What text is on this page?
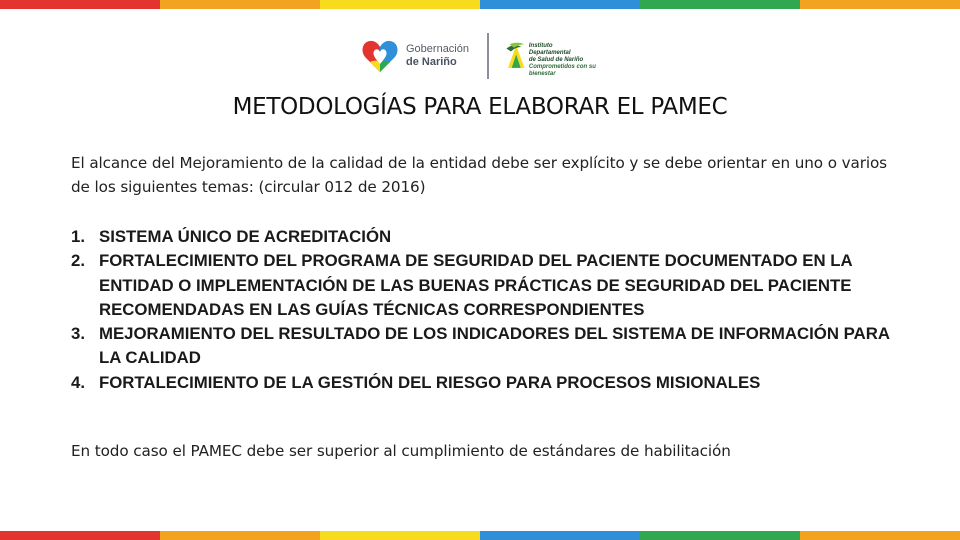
Gobernación
de Nariño
Instituto
Departamental
de Salud de Nariño
Comprometidos con su bienestar
METODOLOGÍAS PARA ELABORAR EL PAMEC
El alcance del Mejoramiento de la calidad de la entidad debe ser explícito y se debe orientar en uno o varios de los siguientes temas: (circular 012 de 2016)
1. SISTEMA ÚNICO DE ACREDITACIÓN
2. FORTALECIMIENTO DEL PROGRAMA DE SEGURIDAD DEL PACIENTE DOCUMENTADO EN LA ENTIDAD O IMPLEMENTACIÓN DE LAS BUENAS PRÁCTICAS DE SEGURIDAD DEL PACIENTE RECOMENDADAS EN LAS GUÍAS TÉCNICAS CORRESPONDIENTES
3. MEJORAMIENTO DEL RESULTADO DE LOS INDICADORES DEL SISTEMA DE INFORMACIÓN PARA LA CALIDAD
4. FORTALECIMIENTO DE LA GESTIÓN DEL RIESGO PARA PROCESOS MISIONALES
En todo caso el PAMEC debe ser superior al cumplimiento de estándares de habilitación
